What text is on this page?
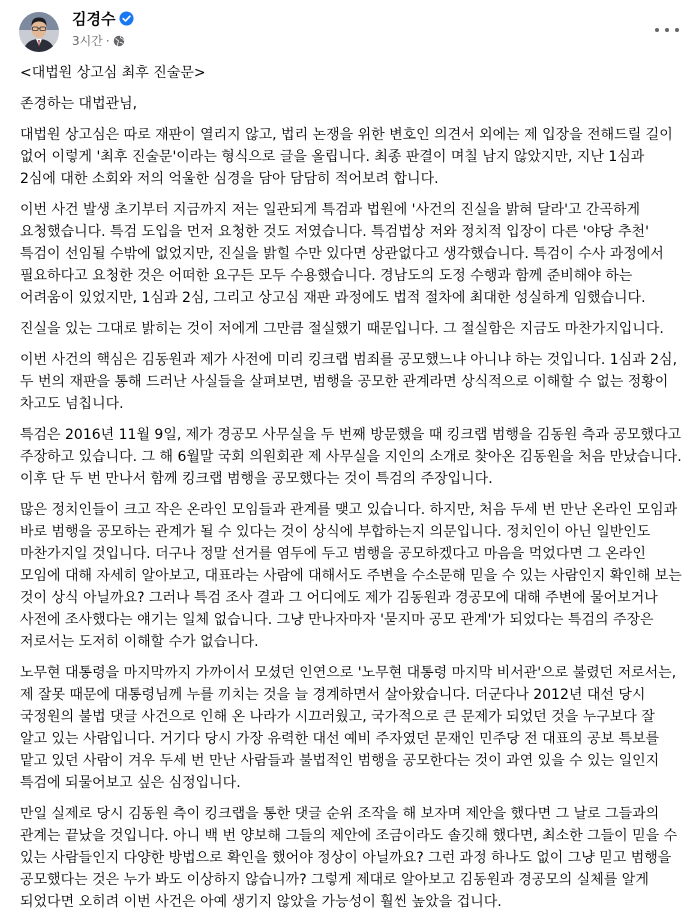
김경수
3시간 ·

<대법원 상고심 최후 진술문>

존경하는 대법관님,

대법원 상고심은 따로 재판이 열리지 않고, 법리 논쟁을 위한 변호인 의견서 외에는 제 입장을 전해드릴 길이 없어 이렇게 '최후 진술문'이라는 형식으로 글을 올립니다. 최종 판결이 며칠 남지 않았지만, 지난 1심과 2심에 대한 소회와 저의 억울한 심경을 담아 담담히 적어보려 합니다.

이번 사건 발생 초기부터 지금까지 저는 일관되게 특검과 법원에 '사건의 진실을 밝혀 달라'고 간곡하게 요청했습니다. 특검 도입을 먼저 요청한 것도 저였습니다. 특검법상 저와 정치적 입장이 다른 '야당 추천' 특검이 선임될 수밖에 없었지만, 진실을 밝힐 수만 있다면 상관없다고 생각했습니다. 특검이 수사 과정에서 필요하다고 요청한 것은 어떠한 요구든 모두 수용했습니다. 경남도의 도정 수행과 함께 준비해야 하는 어려움이 있었지만, 1심과 2심, 그리고 상고심 재판 과정에도 법적 절차에 최대한 성실하게 임했습니다.

진실을 있는 그대로 밝히는 것이 저에게 그만큼 절실했기 때문입니다. 그 절실함은 지금도 마찬가지입니다.

이번 사건의 핵심은 김동원과 제가 사전에 미리 킹크랩 범죄를 공모했느냐 아니냐 하는 것입니다. 1심과 2심, 두 번의 재판을 통해 드러난 사실들을 살펴보면, 범행을 공모한 관계라면 상식적으로 이해할 수 없는 정황이 차고도 넘칩니다.

특검은 2016년 11월 9일, 제가 경공모 사무실을 두 번째 방문했을 때 킹크랩 범행을 김동원 측과 공모했다고 주장하고 있습니다. 그 해 6월말 국회 의원회관 제 사무실을 지인의 소개로 찾아온 김동원을 처음 만났습니다. 이후 단 두 번 만나서 함께 킹크랩 범행을 공모했다는 것이 특검의 주장입니다.

많은 정치인들이 크고 작은 온라인 모임들과 관계를 맺고 있습니다. 하지만, 처음 두세 번 만난 온라인 모임과 바로 범행을 공모하는 관계가 될 수 있다는 것이 상식에 부합하는지 의문입니다. 정치인이 아닌 일반인도 마찬가지일 것입니다. 더구나 정말 선거를 염두에 두고 범행을 공모하겠다고 마음을 먹었다면 그 온라인 모임에 대해 자세히 알아보고, 대표라는 사람에 대해서도 주변을 수소문해 믿을 수 있는 사람인지 확인해 보는 것이 상식 아닐까요? 그러나 특검 조사 결과 그 어디에도 제가 김동원과 경공모에 대해 주변에 물어보거나 사전에 조사했다는 얘기는 일체 없습니다. 그냥 만나자마자 '묻지마 공모 관계'가 되었다는 특검의 주장은 저로서는 도저히 이해할 수가 없습니다.

노무현 대통령을 마지막까지 가까이서 모셨던 인연으로 '노무현 대통령 마지막 비서관'으로 불렸던 저로서는, 제 잘못 때문에 대통령님께 누를 끼치는 것을 늘 경계하면서 살아왔습니다. 더군다나 2012년 대선 당시 국정원의 불법 댓글 사건으로 인해 온 나라가 시끄러웠고, 국가적으로 큰 문제가 되었던 것을 누구보다 잘 알고 있는 사람입니다. 거기다 당시 가장 유력한 대선 예비 주자였던 문재인 민주당 전 대표의 공보 특보를 맡고 있던 사람이 겨우 두세 번 만난 사람들과 불법적인 범행을 공모한다는 것이 과연 있을 수 있는 일인지 특검에 되물어보고 싶은 심정입니다.

만일 실제로 당시 김동원 측이 킹크랩을 통한 댓글 순위 조작을 해 보자며 제안을 했다면 그 날로 그들과의 관계는 끝났을 것입니다. 아니 백 번 양보해 그들의 제안에 조금이라도 솔깃해 했다면, 최소한 그들이 믿을 수 있는 사람들인지 다양한 방법으로 확인을 했어야 정상이 아닐까요? 그런 과정 하나도 없이 그냥 믿고 범행을 공모했다는 것은 누가 봐도 이상하지 않습니까? 그렇게 제대로 알아보고 김동원과 경공모의 실체를 알게 되었다면 오히려 이번 사건은 아예 생기지 않았을 가능성이 훨씬 높았을 겁니다.
